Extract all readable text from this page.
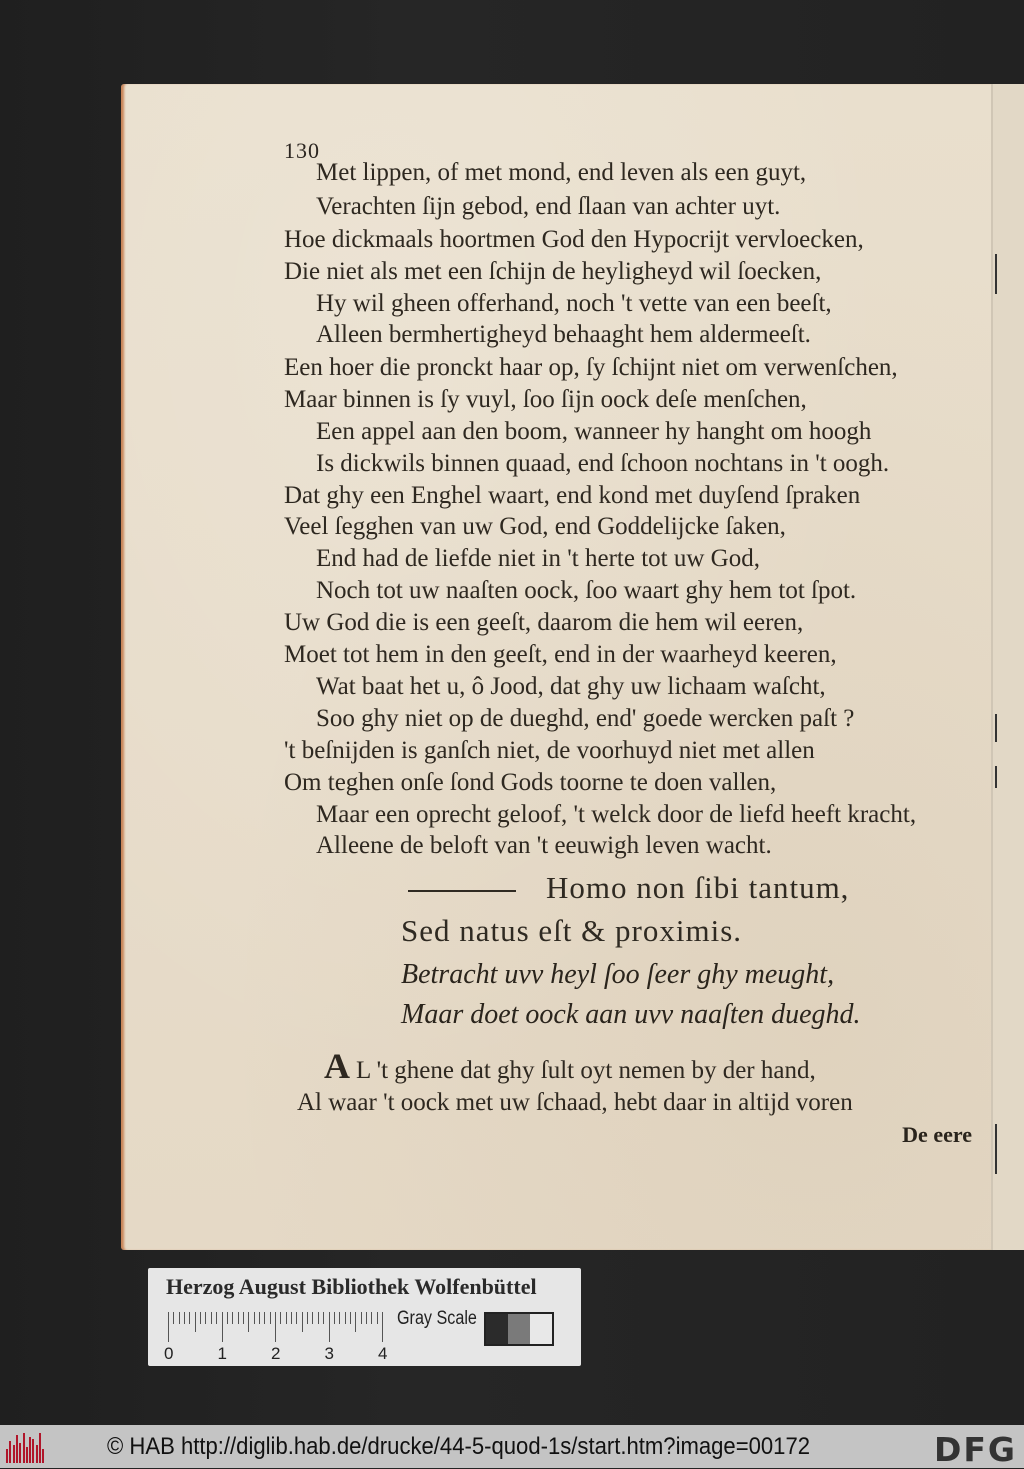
130
Met lippen, of met mond, end leven als een guyt,
Verachten ſijn gebod, end ſlaan van achter uyt.
Hoe dickmaals hoortmen God den Hypocrijt vervloecken,
Die niet als met een ſchijn de heyligheyd wil ſoecken,
Hy wil gheen offerhand, noch 't vette van een beeſt,
Alleen bermhertigheyd behaaght hem aldermeeſt.
Een hoer die pronckt haar op, ſy ſchijnt niet om verwenſchen,
Maar binnen is ſy vuyl, ſoo ſijn oock deſe menſchen,
Een appel aan den boom, wanneer hy hanght om hoogh
Is dickwils binnen quaad, end ſchoon nochtans in 't oogh.
Dat ghy een Enghel waart, end kond met duyſend ſpraken
Veel ſegghen van uw God, end Goddelijcke ſaken,
End had de liefde niet in 't herte tot uw God,
Noch tot uw naaſten oock, ſoo waart ghy hem tot ſpot.
Uw God die is een geeſt, daarom die hem wil eeren,
Moet tot hem in den geeſt, end in der waarheyd keeren,
Wat baat het u, ô Jood, dat ghy uw lichaam waſcht,
Soo ghy niet op de dueghd, end' goede wercken paſt ?
't beſnijden is ganſch niet, de voorhuyd niet met allen
Om teghen onſe ſond Gods toorne te doen vallen,
Maar een oprecht geloof, 't welck door de liefd heeft kracht,
Alleene de beloft van 't eeuwigh leven wacht.
Homo non ſibi tantum,
Sed natus eſt & proximis.
Betracht uvv heyl ſoo ſeer ghy meught,
Maar doet oock aan uvv naaſten dueghd.
A L 't ghene dat ghy ſult oyt nemen by der hand,
Al waar 't oock met uw ſchaad, hebt daar in altijd voren
De eere
Herzog August Bibliothek Wolfenbüttel
0	1	2	3	4
Gray Scale
© HAB http://diglib.hab.de/drucke/44-5-quod-1s/start.htm?image=00172	DFG
